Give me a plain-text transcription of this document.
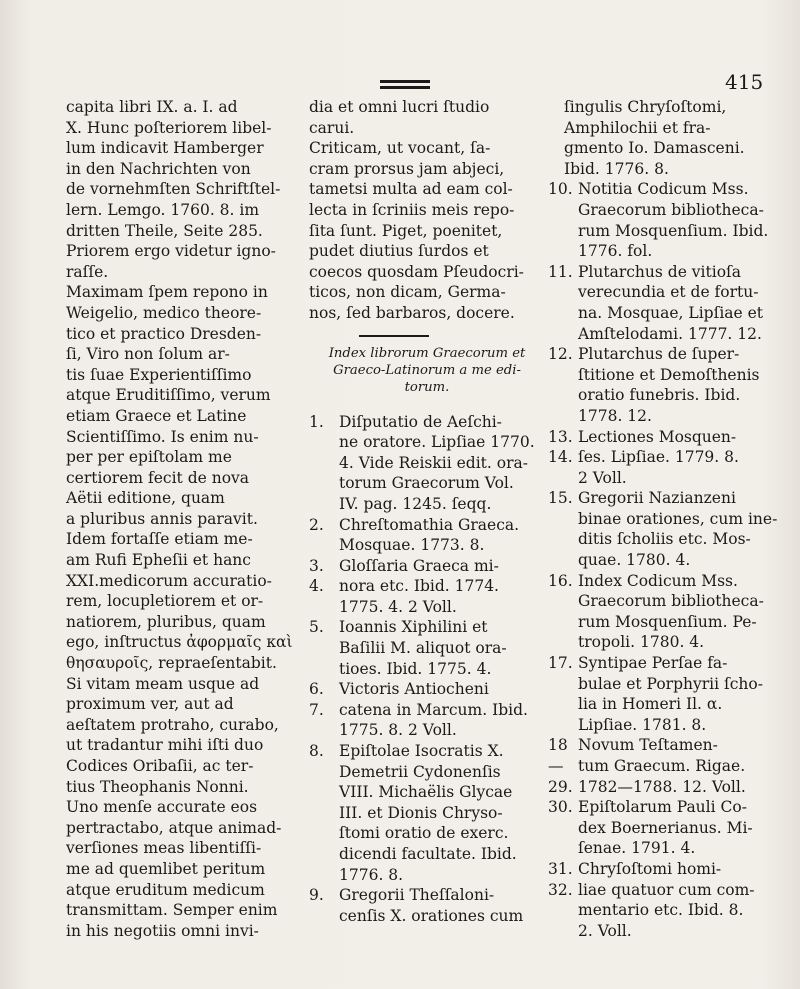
415
capita libri IX. a. I. ad
X. Hunc poſteriorem libel-
lum indicavit Hamberger
in den Nachrichten von
de vornehmſten Schriftſtel-
lern. Lemgo. 1760. 8. im
dritten Theile, Seite 285.
Priorem ergo videtur igno-
raſſe.
Maximam ſpem repono in
Weigelio, medico theore-
tico et practico Dresden-
ſi, Viro non ſolum ar-
tis ſuae Experientiſſimo
atque Eruditiſſimo, verum
etiam Graece et Latine
Scientiſſimo. Is enim nu-
per per epiſtolam me
certiorem fecit de nova
Aëtii editione, quam
a pluribus annis paravit.
Idem fortaſſe etiam me-
am Rufi Epheſii et hanc
XXI.medicorum accuratio-
rem, locupletiorem et or-
natiorem, pluribus, quam
ego, inſtructus ἀφορμαῖς καὶ
θησαυροῖς, repraeſentabit.
Si vitam meam usque ad
proximum ver, aut ad
aeſtatem protraho, curabo,
ut tradantur mihi iſti duo
Codices Oribaſii, ac ter-
tius Theophanis Nonni.
Uno menſe accurate eos
pertractabo, atque animad-
verſiones meas libentiſſi-
me ad quemlibet peritum
atque eruditum medicum
transmittam. Semper enim
in his negotiis omni invi-
dia et omni lucri ſtudio
carui.
Criticam, ut vocant, ſa-
cram prorsus jam abjeci,
tametsi multa ad eam col-
lecta in ſcriniis meis repo-
ſita ſunt. Piget, poenitet,
pudet diutius ſurdos et
coecos quosdam Pſeudocri-
ticos, non dicam, Germa-
nos, ſed barbaros, docere.
Index librorum Graecorum et
Graeco-Latinorum a me edi-
torum.
1. Diſputatio de Aeſchi-
ne oratore. Lipſiae 1770.
4. Vide Reiskii edit. ora-
torum Graecorum Vol.
IV. pag. 1245. ſeqq.
2. Chreſtomathia Graeca.
Mosquae. 1773. 8.
3. 4.
Gloſſaria Graeca mi-
nora etc. Ibid. 1774.
1775. 4. 2 Voll.
5. Ioannis Xiphilini et
Baſilii M. aliquot ora-
tioes. Ibid. 1775. 4.
6. 7.
Victoris Antiocheni
catena in Marcum. Ibid.
1775. 8. 2 Voll.
8. Epiſtolae Isocratis X.
Demetrii Cydonenſis
VIII. Michaëlis Glycae
III. et Dionis Chryso-
ſtomi oratio de exerc.
dicendi facultate. Ibid.
1776. 8.
9. Gregorii Theſſaloni-
cenſis X. orationes cum
ſingulis Chryſoſtomi,
Amphilochii et fra-
gmento Io. Damasceni.
Ibid. 1776. 8.
10. Notitia Codicum Mss.
Graecorum bibliotheca-
rum Mosquenſium. Ibid.
1776. fol.
11. Plutarchus de vitioſa
verecundia et de fortu-
na. Mosquae, Lipſiae et
Amſtelodami. 1777. 12.
12. Plutarchus de ſuper-
ſtitione et Demoſthenis
oratio funebris. Ibid.
1778. 12.
13. 14.
Lectiones Mosquen-
ſes. Lipſiae. 1779. 8.
2 Voll.
15. Gregorii Nazianzeni
binae orationes, cum ine-
ditis ſcholiis etc. Mos-
quae. 1780. 4.
16. Index Codicum Mss.
Graecorum bibliotheca-
rum Mosquenſium. Pe-
tropoli. 1780. 4.
17. Syntipae Perſae fa-
bulae et Porphyrii ſcho-
lia in Homeri Il. α.
Lipſiae. 1781. 8.
18—29.
Novum Teſtamen-
tum Graecum. Rigae.
1782—1788. 12. Voll.
30. Epiſtolarum Pauli Co-
dex Boernerianus. Mi-
ſenae. 1791. 4.
31. 32.
Chryſoſtomi homi-
liae quatuor cum com-
mentario etc. Ibid. 8.
2. Voll.
